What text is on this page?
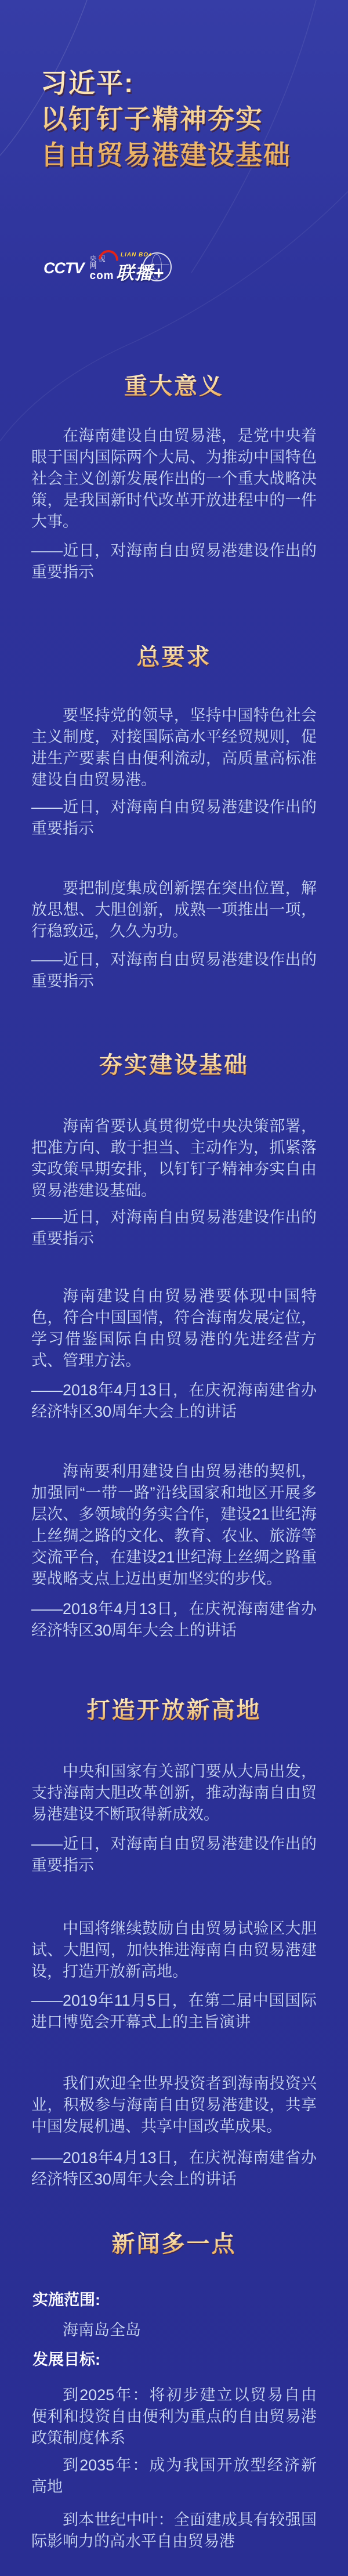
习近平:
以钉钉子精神夯实
自由贸易港建设基础
CCTV
央视网
com
LIAN BO+
联播+
重大意义
在海南建设自由贸易港，是党中央着眼于国内国际两个大局、为推动中国特色社会主义创新发展作出的一个重大战略决策，是我国新时代改革开放进程中的一件大事。
——近日，对海南自由贸易港建设作出的重要指示
总要求
要坚持党的领导，坚持中国特色社会主义制度，对接国际高水平经贸规则，促进生产要素自由便利流动，高质量高标准建设自由贸易港。
——近日，对海南自由贸易港建设作出的重要指示
要把制度集成创新摆在突出位置，解放思想、大胆创新，成熟一项推出一项，行稳致远，久久为功。
——近日，对海南自由贸易港建设作出的重要指示
夯实建设基础
海南省要认真贯彻党中央决策部署，把准方向、敢于担当、主动作为，抓紧落实政策早期安排，以钉钉子精神夯实自由贸易港建设基础。
——近日，对海南自由贸易港建设作出的重要指示
海南建设自由贸易港要体现中国特色，符合中国国情，符合海南发展定位，学习借鉴国际自由贸易港的先进经营方式、管理方法。
——2018年4月13日，在庆祝海南建省办经济特区30周年大会上的讲话
海南要利用建设自由贸易港的契机，加强同“一带一路”沿线国家和地区开展多层次、多领域的务实合作，建设21世纪海上丝绸之路的文化、教育、农业、旅游等交流平台，在建设21世纪海上丝绸之路重要战略支点上迈出更加坚实的步伐。
——2018年4月13日，在庆祝海南建省办经济特区30周年大会上的讲话
打造开放新高地
中央和国家有关部门要从大局出发，支持海南大胆改革创新，推动海南自由贸易港建设不断取得新成效。
——近日，对海南自由贸易港建设作出的重要指示
中国将继续鼓励自由贸易试验区大胆试、大胆闯，加快推进海南自由贸易港建设，打造开放新高地。
——2019年11月5日，在第二届中国国际进口博览会开幕式上的主旨演讲
我们欢迎全世界投资者到海南投资兴业，积极参与海南自由贸易港建设，共享中国发展机遇、共享中国改革成果。
——2018年4月13日，在庆祝海南建省办经济特区30周年大会上的讲话
新闻多一点
实施范围:
海南岛全岛
发展目标:
到2025年：将初步建立以贸易自由便利和投资自由便利为重点的自由贸易港政策制度体系
到2035年：成为我国开放型经济新高地
到本世纪中叶：全面建成具有较强国际影响力的高水平自由贸易港
